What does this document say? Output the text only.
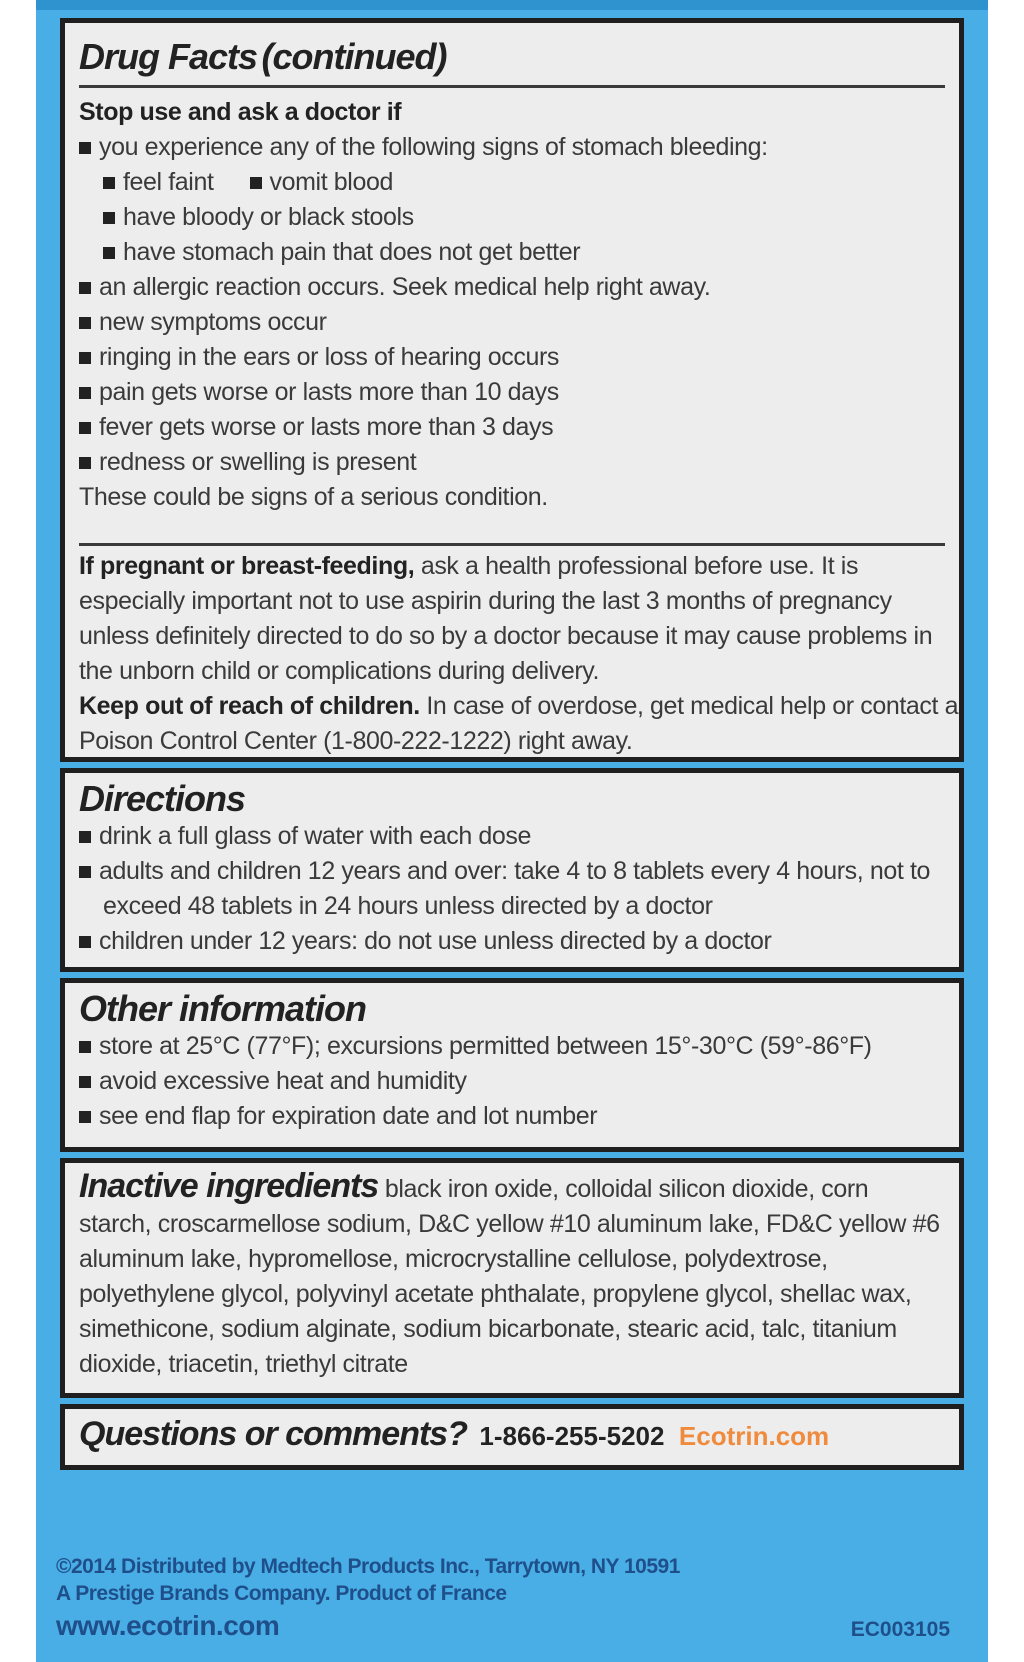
Drug Facts (continued)
Stop use and ask a doctor if
you experience any of the following signs of stomach bleeding:
feel faint vomit blood
have bloody or black stools
have stomach pain that does not get better
an allergic reaction occurs. Seek medical help right away.
new symptoms occur
ringing in the ears or loss of hearing occurs
pain gets worse or lasts more than 10 days
fever gets worse or lasts more than 3 days
redness or swelling is present
These could be signs of a serious condition.
If pregnant or breast-feeding, ask a health professional before use. It is
especially important not to use aspirin during the last 3 months of pregnancy
unless definitely directed to do so by a doctor because it may cause problems in
the unborn child or complications during delivery.
Keep out of reach of children. In case of overdose, get medical help or contact a
Poison Control Center (1-800-222-1222) right away.
Directions
drink a full glass of water with each dose
adults and children 12 years and over: take 4 to 8 tablets every 4 hours, not to
exceed 48 tablets in 24 hours unless directed by a doctor
children under 12 years: do not use unless directed by a doctor
Other information
store at 25°C (77°F); excursions permitted between 15°-30°C (59°-86°F)
avoid excessive heat and humidity
see end flap for expiration date and lot number
Inactive ingredients black iron oxide, colloidal silicon dioxide, corn
starch, croscarmellose sodium, D&C yellow #10 aluminum lake, FD&C yellow #6
aluminum lake, hypromellose, microcrystalline cellulose, polydextrose,
polyethylene glycol, polyvinyl acetate phthalate, propylene glycol, shellac wax,
simethicone, sodium alginate, sodium bicarbonate, stearic acid, talc, titanium
dioxide, triacetin, triethyl citrate
Questions or comments? 1-866-255-5202 Ecotrin.com
©2014 Distributed by Medtech Products Inc., Tarrytown, NY 10591
A Prestige Brands Company. Product of France
www.ecotrin.com	EC003105
